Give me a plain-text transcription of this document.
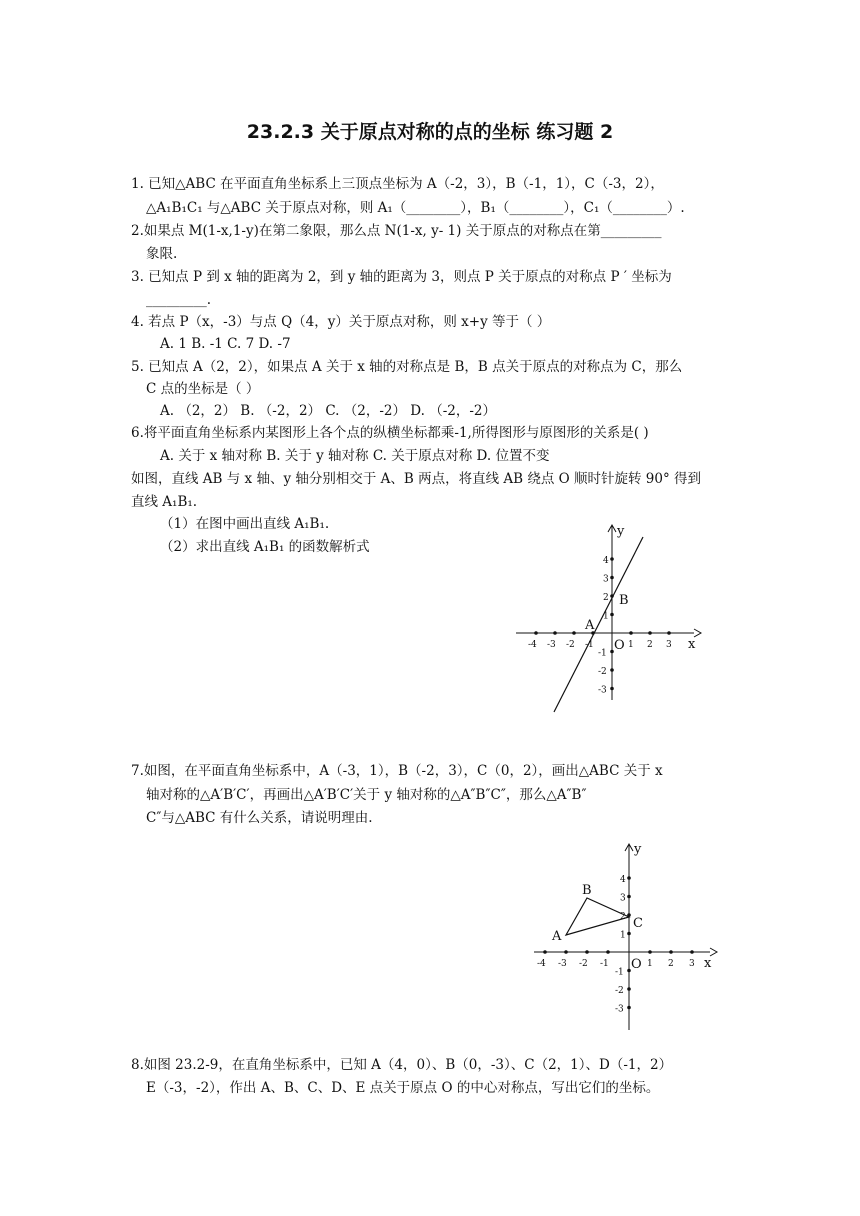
23.2.3 关于原点对称的点的坐标 练习题 2
1. 已知△ABC 在平面直角坐标系上三顶点坐标为 A（-2，3），B（-1，1），C（-3，2），
△A₁B₁C₁ 与△ABC 关于原点对称，则 A₁（________），B₁（________），C₁（________）.
2.如果点 M(1-x,1-y)在第二象限，那么点 N(1-x, y- 1) 关于原点的对称点在第_________
象限.
3. 已知点 P 到 x 轴的距离为 2，到 y 轴的距离为 3，则点 P 关于原点的对称点 P ′ 坐标为
_________.
4. 若点 P（x，-3）与点 Q（4，y）关于原点对称，则 x+y 等于（ ）
A. 1 B. -1 C. 7 D. -7
5. 已知点 A（2，2），如果点 A 关于 x 轴的对称点是 B，B 点关于原点的对称点为 C，那么
C 点的坐标是（ ）
A. （2，2） B. （-2，2） C. （2，-2） D. （-2，-2）
6.将平面直角坐标系内某图形上各个点的纵横坐标都乘-1,所得图形与原图形的关系是( )
A. 关于 x 轴对称 B. 关于 y 轴对称 C. 关于原点对称 D. 位置不变
如图，直线 AB 与 x 轴、y 轴分别相交于 A、B 两点，将直线 AB 绕点 O 顺时针旋转 90° 得到
直线 A₁B₁.
（1）在图中画出直线 A₁B₁.
（2）求出直线 A₁B₁ 的函数解析式
-4 -3 -2 -1	1 2 3
4
3
2
1
-1
-2
-3
x
y
O
A
B
7.如图，在平面直角坐标系中，A（-3，1），B（-2，3），C（0，2），画出△ABC 关于 x
轴对称的△A′B′C′，再画出△A′B′C′关于 y 轴对称的△A″B″C″，那么△A″B″
C″与△ABC 有什么关系，请说明理由.
-4 -3 -2 -1	1 2 3
4
3
2
1
-1
-2
-3
x
y
O
A
B
C
8.如图 23.2-9，在直角坐标系中，已知 A（4，0）、B（0，-3）、C（2，1）、D（-1，2）
E（-3，-2），作出 A、B、C、D、E 点关于原点 O 的中心对称点，写出它们的坐标。
